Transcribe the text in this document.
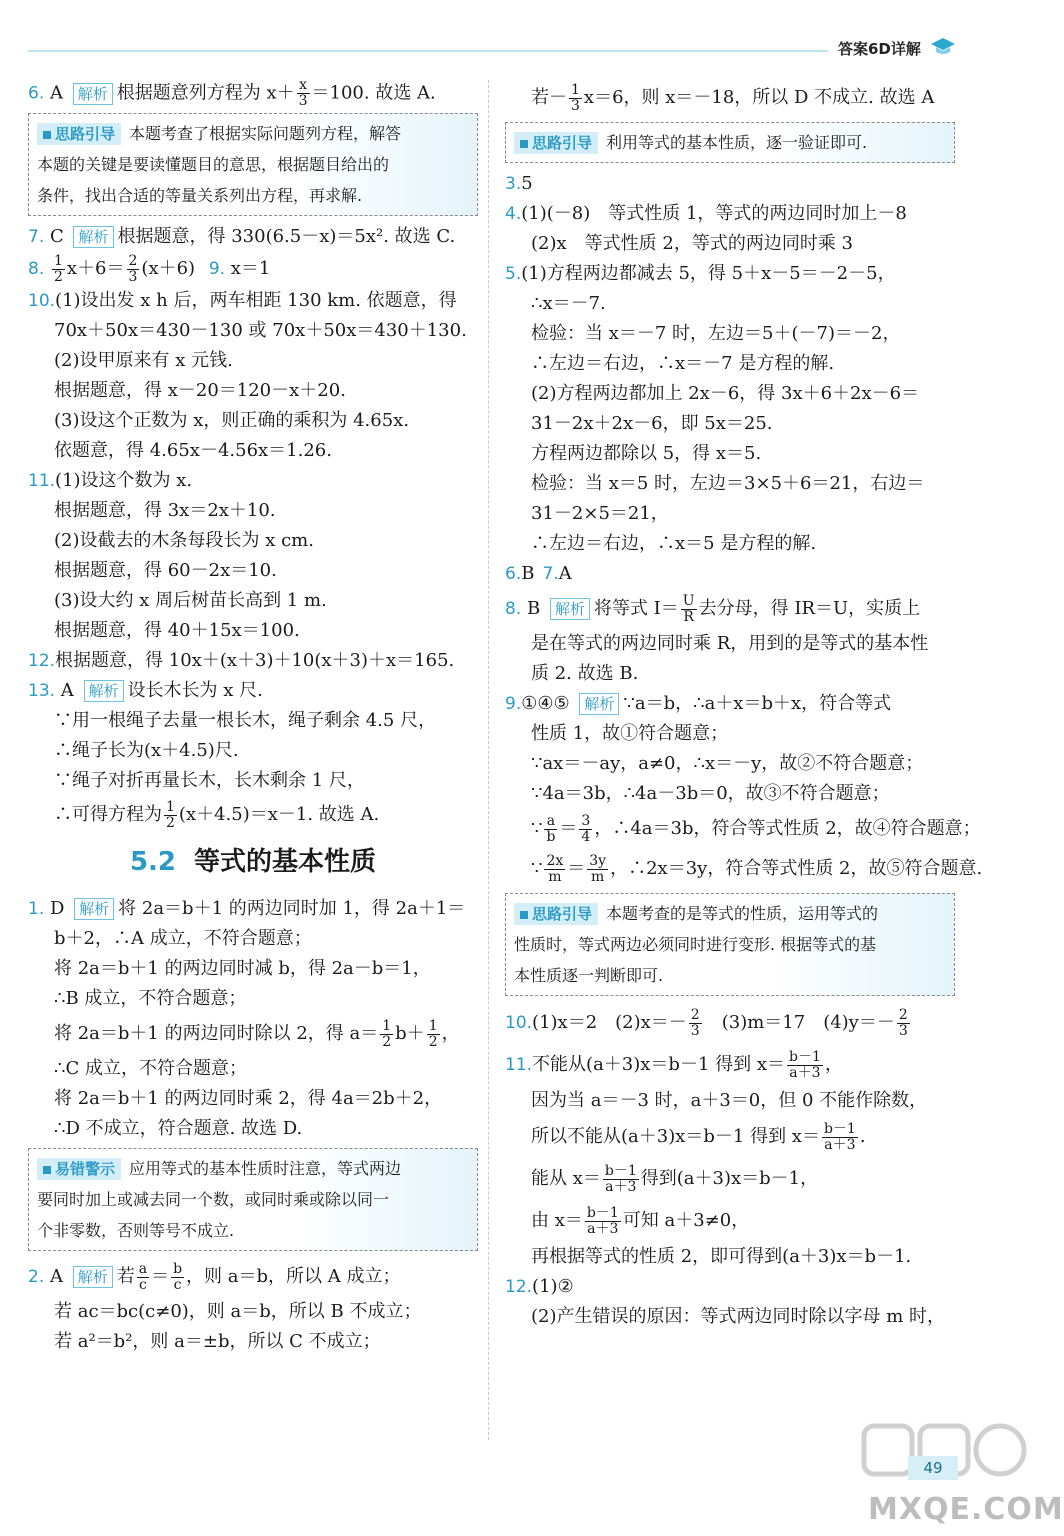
答案6D详解
6. A 解析 根据题意列方程为 $x+ \frac{x}{3} =100$. 故选 A.
思路引导 本题考查了根据实际问题列方程，解答
本题的关键是要读懂题目的意思，根据题目给出的
条件，找出合适的等量关系列出方程，再求解.
7. C 解析 根据题意，得 330(6.5－x)＝5x². 故选 C.
8. $\frac{1}{2} x+6= \frac{2}{3} (x+6)$ 9. x＝1
10.(1)设出发 x h 后，两车相距 130 km. 依题意，得
70x＋50x＝430－130 或 70x＋50x＝430＋130.
(2)设甲原来有 x 元钱.
根据题意，得 x－20＝120－x＋20.
(3)设这个正数为 x，则正确的乘积为 4.65x.
依题意，得 4.65x－4.56x＝1.26.
11.(1)设这个数为 x.
根据题意，得 3x＝2x＋10.
(2)设截去的木条每段长为 x cm.
根据题意，得 60－2x＝10.
(3)设大约 x 周后树苗长高到 1 m.
根据题意，得 40＋15x＝100.
12.根据题意，得 10x＋(x＋3)＋10(x＋3)＋x＝165.
13. A 解析 设长木长为 x 尺.
∵用一根绳子去量一根长木，绳子剩余 4.5 尺，
∴绳子长为(x＋4.5)尺.
∵绳子对折再量长木，长木剩余 1 尺，
∴可得方程为 $\frac{1}{2} (x+4.5)=x-1$. 故选 A.
5.2 等式的基本性质
1. D 解析 将 2a＝b＋1 的两边同时加 1，得 2a＋1＝
b＋2，∴A 成立，不符合题意；
将 2a＝b＋1 的两边同时减 b，得 2a－b＝1，
∴B 成立，不符合题意；
将 2a＝b＋1 的两边同时除以 2，得 $a= \frac{1}{2} b+ \frac{1}{2}$ ，
∴C 成立，不符合题意；
将 2a＝b＋1 的两边同时乘 2，得 4a＝2b＋2，
∴D 不成立，符合题意. 故选 D.
易错警示 应用等式的基本性质时注意，等式两边
要同时加上或减去同一个数，或同时乘或除以同一
个非零数，否则等号不成立.
2. A 解析 若 $\frac{a}{c} = \frac{b}{c}$ ，则 a＝b，所以 A 成立；
若 ac＝bc(c≠0)，则 a＝b，所以 B 不成立；
若 a²＝b²，则 a＝±b，所以 C 不成立；
若－ $\frac{1}{3} x=6$，则 x＝－18，所以 D 不成立. 故选 A
思路引导 利用等式的基本性质，逐一验证即可.
3.5
4.(1)(－8)　等式性质 1，等式的两边同时加上－8
(2)x　等式性质 2，等式的两边同时乘 3
5.(1)方程两边都减去 5，得 5＋x－5＝－2－5，
∴x＝－7.
检验：当 x＝－7 时，左边＝5＋(－7)＝－2，
∴左边＝右边，∴x＝－7 是方程的解.
(2)方程两边都加上 2x－6，得 3x＋6＋2x－6＝
31－2x＋2x－6，即 5x＝25.
方程两边都除以 5，得 x＝5.
检验：当 x＝5 时，左边＝3×5＋6＝21，右边＝
31－2×5＝21，
∴左边＝右边，∴x＝5 是方程的解.
6.B 7.A
8. B 解析 将等式 $I= \frac{U}{R}$ 去分母，得 IR＝U，实质上
是在等式的两边同时乘 R，用到的是等式的基本性
质 2. 故选 B.
9.①④⑤ 解析 ∵a＝b，∴a＋x＝b＋x，符合等式
性质 1，故①符合题意；
∵ax＝－ay，a≠0，∴x＝－y，故②不符合题意；
∵4a＝3b，∴4a－3b＝0，故③不符合题意；
∵ $\frac{a}{b} = \frac{3}{4}$ ，∴4a＝3b，符合等式性质 2，故④符合题意；
∵ $\frac{2x}{m} = \frac{3y}{m}$ ，∴2x＝3y，符合等式性质 2，故⑤符合题意.
思路引导 本题考查的是等式的性质，运用等式的
性质时，等式两边必须同时进行变形. 根据等式的基
本性质逐一判断即可.
10.(1)x＝2　$(2)x=- \frac{2}{3}$ 　(3)m＝17　$(4)y=- \frac{2}{3}$
11.不能从(a＋3)x＝b－1 得到 $x= \frac{b-1}{a+3}$ ，
因为当 a＝－3 时，a＋3＝0，但 0 不能作除数，
所以不能从(a＋3)x＝b－1 得到 $x= \frac{b-1}{a+3}$ .
能从 $x= \frac{b-1}{a+3}$ 得到(a＋3)x＝b－1，
由 $x= \frac{b-1}{a+3}$ 可知 a＋3≠0，
再根据等式的性质 2，即可得到(a＋3)x＝b－1.
12.(1)②
(2)产生错误的原因：等式两边同时除以字母 m 时，
49
MXQE.COM
